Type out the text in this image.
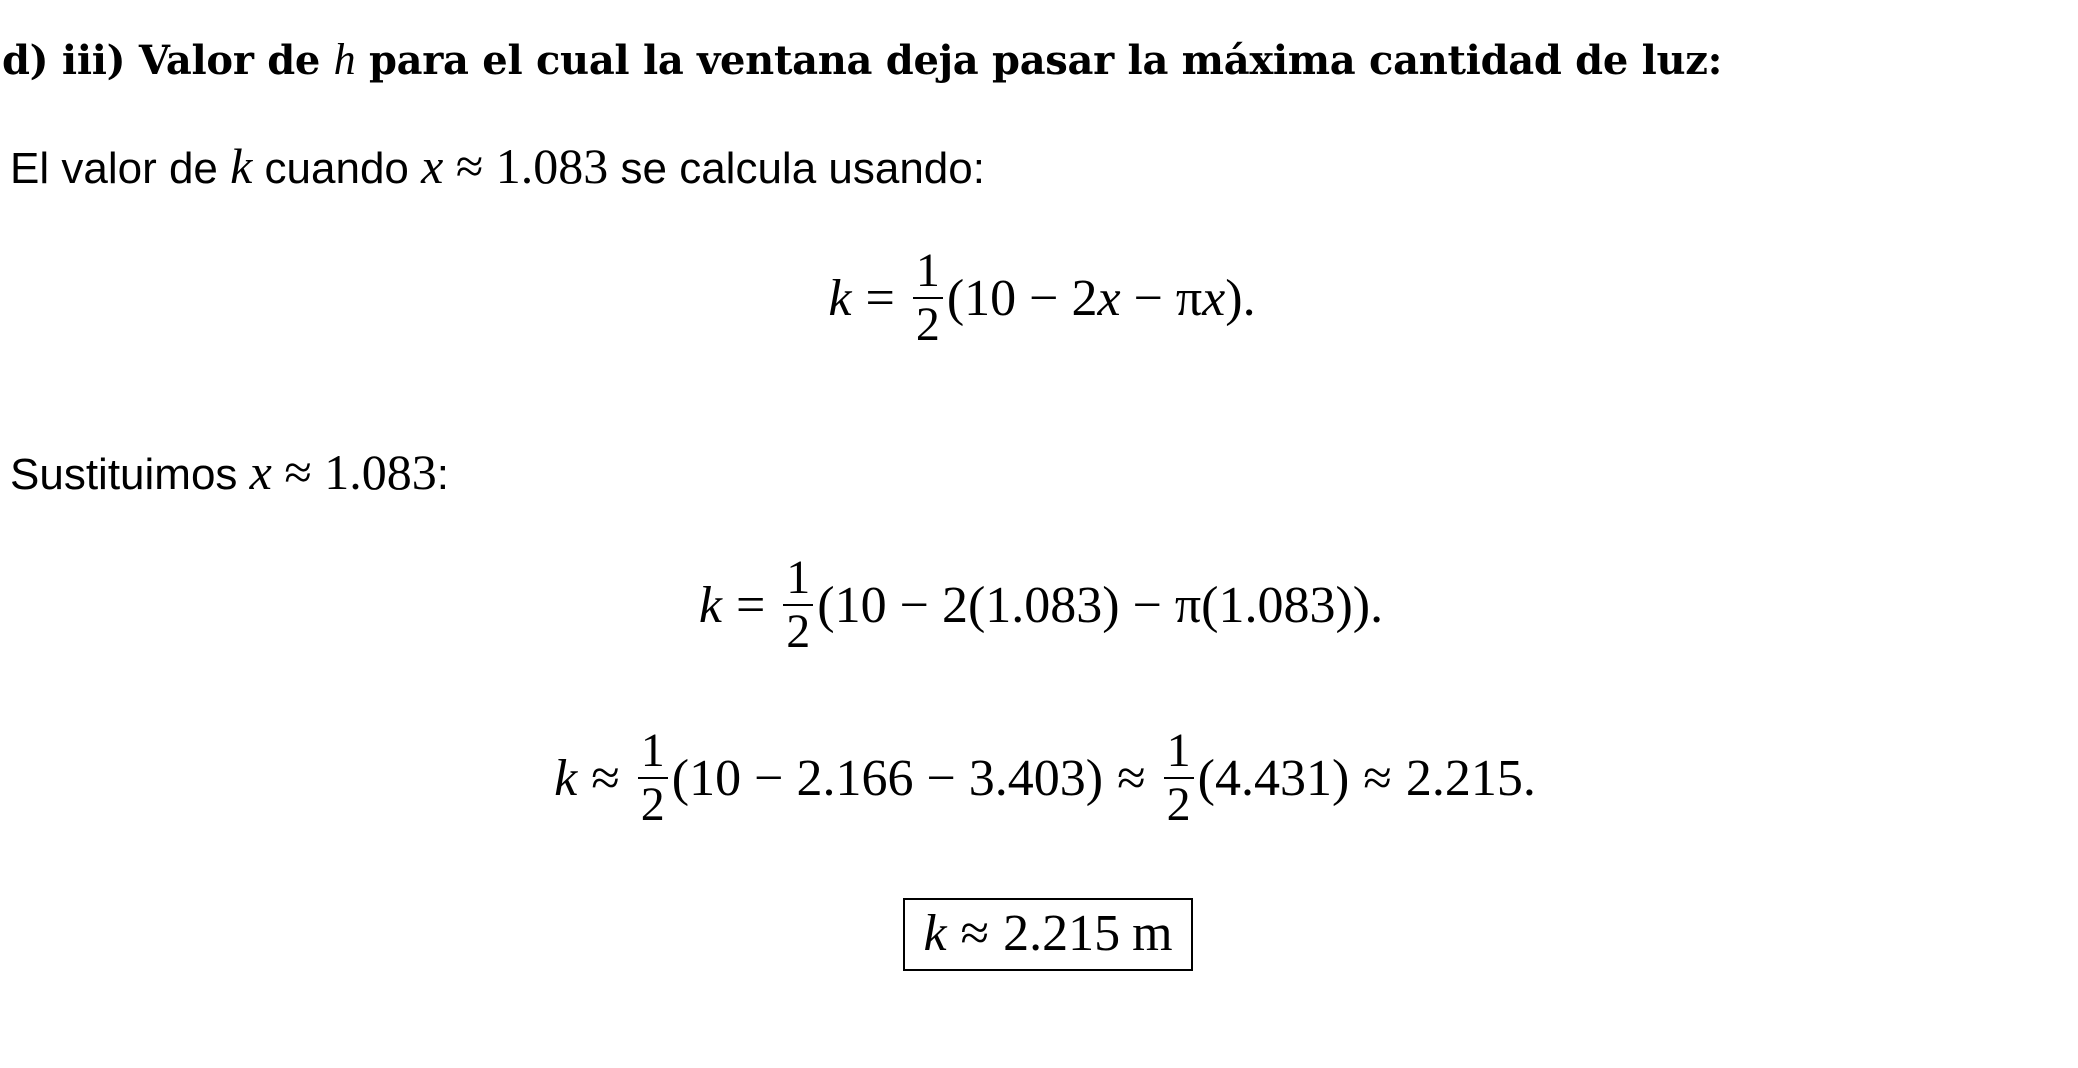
d) iii) Valor de h para el cual la ventana deja pasar la máxima cantidad de luz:
El valor de k cuando x ≈ 1.083 se calcula usando:
$k = \frac{1}{2} (10 - 2x - \pi x)$.
Sustituimos x ≈ 1.083:
$k = \frac{1}{2} (10 - 2(1.083) - \pi(1.083))$.
$k \approx \frac{1}{2} (10 - 2.166 - 3.403) \approx \frac{1}{2} (4.431) \approx 2.215$.
k ≈ 2.215 m
